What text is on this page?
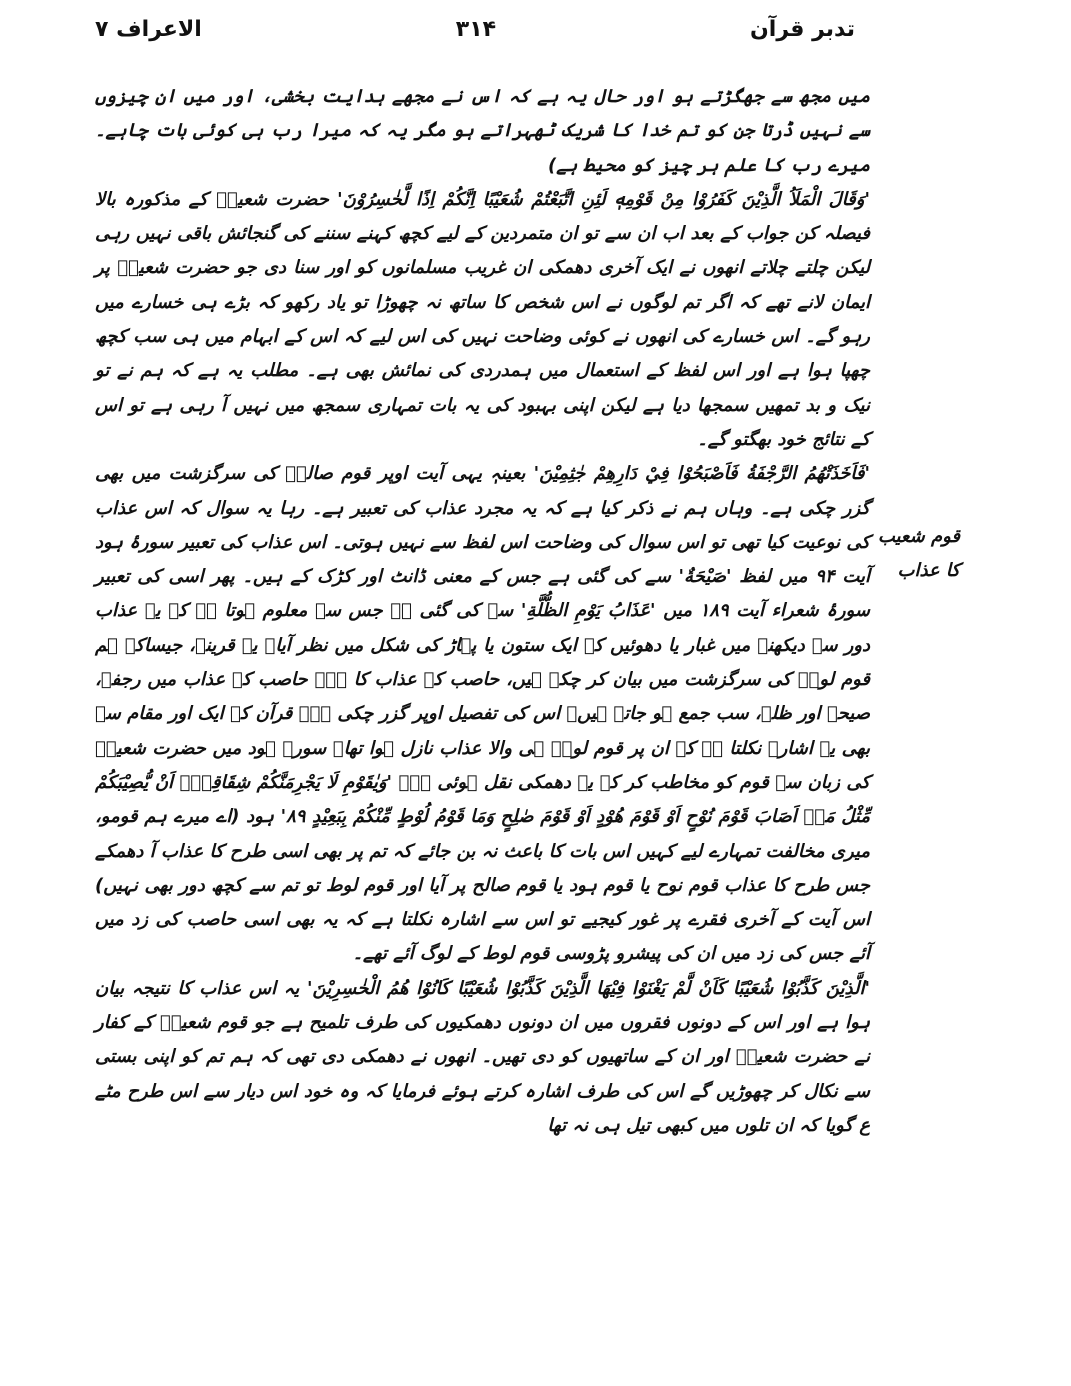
الاعراف ۷	۳۱۴	تدبر قرآن

میں مجھ سے جھگڑتے ہو اور حال یہ ہے کہ اس نے مجھے ہدایت بخشی، اور میں ان چیزوں سے نہیں ڈرتا جن کو تم خدا کا شریک ٹھہراتے ہو مگر یہ کہ میرا رب ہی کوئی بات چاہے۔ میرے رب کا علم ہر چیز کو محیط ہے)

'وَقَالَ الْمَلَاُ الَّذِيْنَ كَفَرُوْا مِنْ قَوْمِهٖ لَئِنِ اتَّبَعْتُمْ شُعَيْبًا اِنَّكُمْ اِذًا لَّخٰسِرُوْنَ' حضرت شعیبؑ کے مذکورہ بالا فیصلہ کن جواب کے بعد اب ان سے تو ان متمردین کے لیے کچھ کہنے سننے کی گنجائش باقی نہیں رہی لیکن چلتے چلاتے انھوں نے ایک آخری دھمکی ان غریب مسلمانوں کو اور سنا دی جو حضرت شعیبؑ پر ایمان لانے تھے کہ اگر تم لوگوں نے اس شخص کا ساتھ نہ چھوڑا تو یاد رکھو کہ بڑے ہی خسارے میں رہو گے۔ اس خسارے کی انھوں نے کوئی وضاحت نہیں کی اس لیے کہ اس کے ابہام میں ہی سب کچھ چھپا ہوا ہے اور اس لفظ کے استعمال میں ہمدردی کی نمائش بھی ہے۔ مطلب یہ ہے کہ ہم نے تو نیک و بد تمھیں سمجھا دیا ہے لیکن اپنی بہبود کی یہ بات تمہاری سمجھ میں نہیں آ رہی ہے تو اس کے نتائج خود بھگتو گے۔

'فَاَخَذَتْهُمُ الرَّجْفَةُ فَاَصْبَحُوْا فِيْ دَارِهِمْ جٰثِمِيْنَ' بعینہٖ یہی آیت اوپر قوم صالحؑ کی سرگزشت میں بھی گزر چکی ہے۔ وہاں ہم نے ذکر کیا ہے کہ یہ مجرد عذاب کی تعبیر ہے۔ رہا یہ سوال کہ اس عذاب کی نوعیت کیا تھی تو اس سوال کی وضاحت اس لفظ سے نہیں ہوتی۔ اس عذاب کی تعبیر سورۂ ہود آیت ۹۴ میں لفظ 'صَيْحَةٌ' سے کی گئی ہے جس کے معنی ڈانٹ اور کڑک کے ہیں۔ پھر اسی کی تعبیر سورۂ شعراء آیت ۱۸۹ میں 'عَذَابُ يَوْمِ الظُّلَّةِ' سے کی گئی ہے جس سے معلوم ہوتا ہے کہ یہ عذاب دور سے دیکھنے میں غبار یا دھوئیں کے ایک ستون یا پہاڑ کی شکل میں نظر آیا۔ یہ قرینہ، جیساکہ ہم قوم لوطؑ کی سرگزشت میں بیان کر چکے ہیں، حاصب کے عذاب کا ہے۔ حاصب کے عذاب میں رجفہ، صیحہ اور ظلہ، سب جمع ہو جاتے ہیں۔ اس کی تفصیل اوپر گزر چکی ہے۔ قرآن کے ایک اور مقام سے بھی یہ اشارہ نکلتا ہے کہ ان پر قوم لوطؑ ہی والا عذاب نازل ہوا تھا۔ سورۂ ہود میں حضرت شعیبؑ کی زبان سے قوم کو مخاطب کر کے یہ دھمکی نقل ہوئی ہے۔ 'وَيٰقَوْمِ لَا يَجْرِمَنَّكُمْ شِقَاقِيْۤ اَنْ يُّصِيْبَكُمْ مِّثْلُ مَاۤ اَصَابَ قَوْمَ نُوْحٍ اَوْ قَوْمَ هُوْدٍ اَوْ قَوْمَ صٰلِحٍ وَمَا قَوْمُ لُوْطٍ مِّنْكُمْ بِبَعِيْدٍ ۸۹' ہود (اے میرے ہم قومو، میری مخالفت تمہارے لیے کہیں اس بات کا باعث نہ بن جائے کہ تم پر بھی اسی طرح کا عذاب آ دھمکے جس طرح کا عذاب قوم نوح یا قوم ہود یا قوم صالح پر آیا اور قوم لوط تو تم سے کچھ دور بھی نہیں) اس آیت کے آخری فقرے پر غور کیجیے تو اس سے اشارہ نکلتا ہے کہ یہ بھی اسی حاصب کی زد میں آئے جس کی زد میں ان کی پیشرو پڑوسی قوم لوط کے لوگ آئے تھے۔

'الَّذِيْنَ كَذَّبُوْا شُعَيْبًا كَاَنْ لَّمْ يَغْنَوْا فِيْهَا الَّذِيْنَ كَذَّبُوْا شُعَيْبًا كَانُوْا هُمُ الْخٰسِرِيْنَ' یہ اس عذاب کا نتیجہ بیان ہوا ہے اور اس کے دونوں فقروں میں ان دونوں دھمکیوں کی طرف تلمیح ہے جو قوم شعیبؑ کے کفار نے حضرت شعیبؑ اور ان کے ساتھیوں کو دی تھیں۔ انھوں نے دھمکی دی تھی کہ ہم تم کو اپنی بستی سے نکال کر چھوڑیں گے اس کی طرف اشارہ کرتے ہوئے فرمایا کہ وہ خود اس دیار سے اس طرح مٹے ع گویا کہ ان تلوں میں کبھی تیل ہی نہ تھا

قوم شعیب
کا عذاب
